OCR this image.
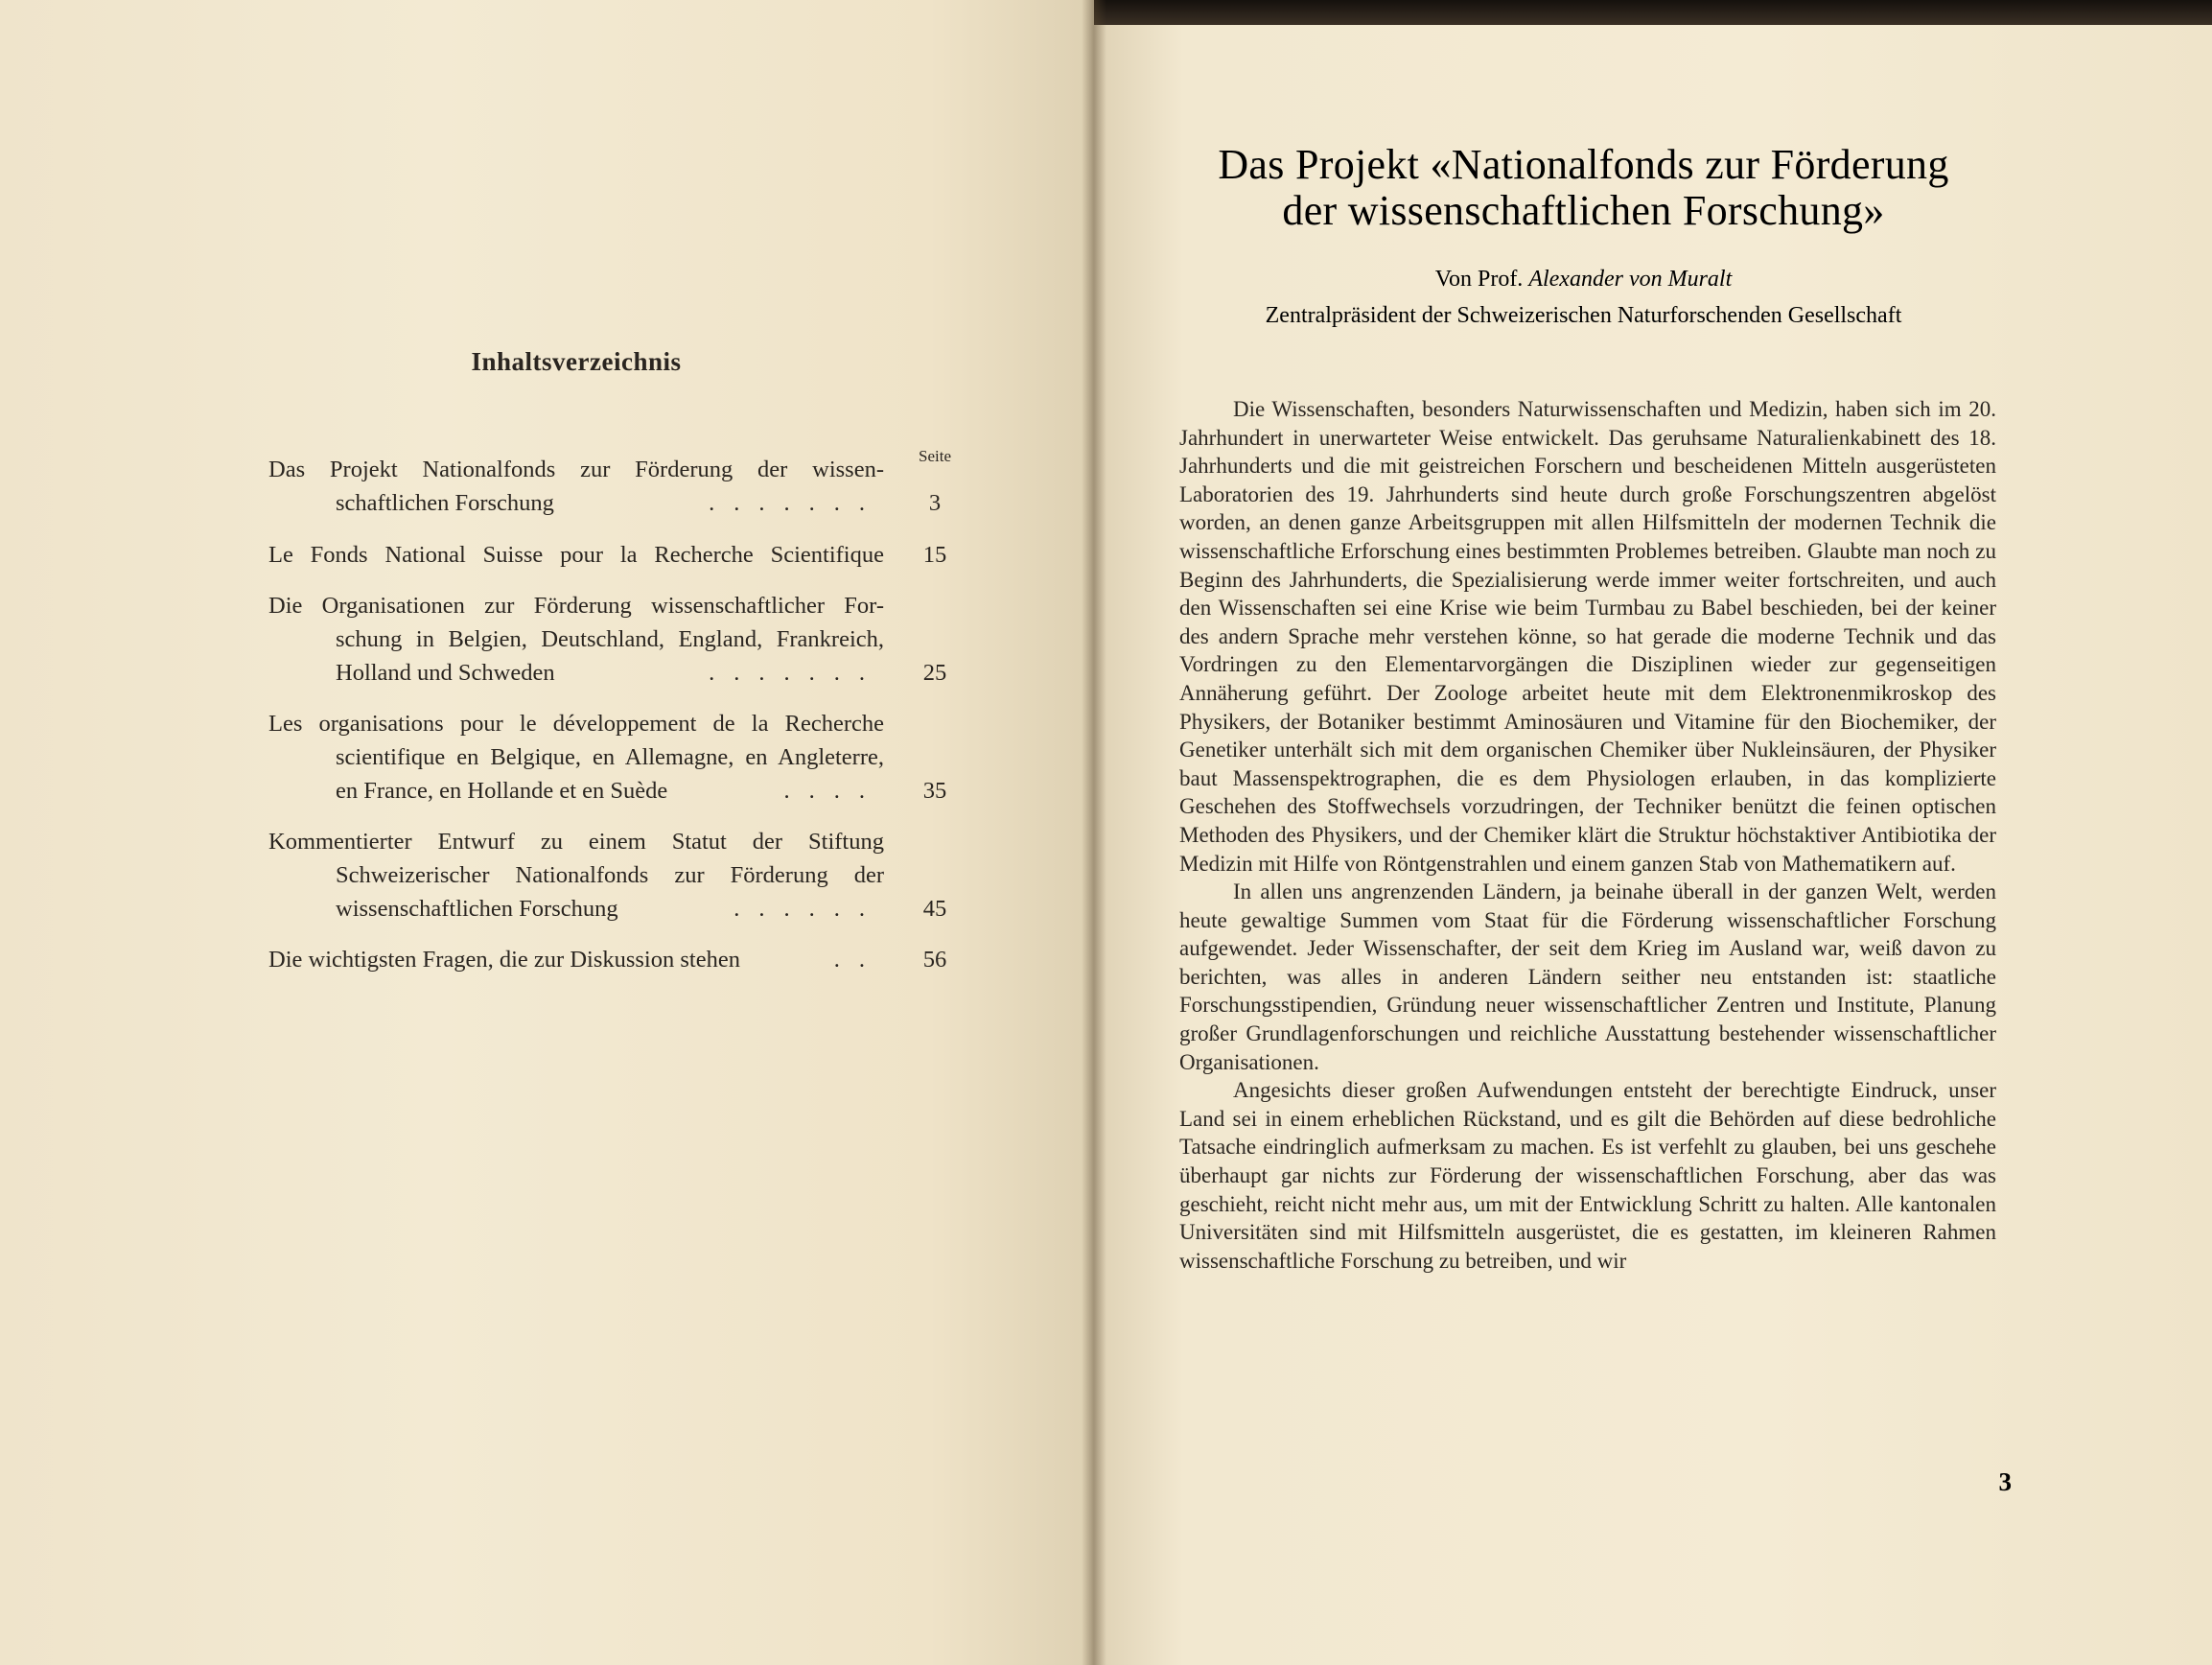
Inhaltsverzeichnis
Seite
Das Projekt Nationalfonds zur Förderung der wissen-
schaftlichen Forschung	.......	3
Le Fonds National Suisse pour la Recherche Scientifique	15
Die Organisationen zur Förderung wissenschaftlicher For-
schung in Belgien, Deutschland, England, Frankreich,
Holland und Schweden	.......	25
Les organisations pour le développement de la Recherche
scientifique en Belgique, en Allemagne, en Angleterre,
en France, en Hollande et en Suède	....	35
Kommentierter Entwurf zu einem Statut der Stiftung
Schweizerischer Nationalfonds zur Förderung der
wissenschaftlichen Forschung	......	45
Die wichtigsten Fragen, die zur Diskussion stehen	..	56
Das Projekt «Nationalfonds zur Förderung
der wissenschaftlichen Forschung»
Von Prof. Alexander von Muralt
Zentralpräsident der Schweizerischen Naturforschenden Gesellschaft

Die Wissenschaften, besonders Naturwissenschaften und Medizin, haben sich im 20. Jahrhundert in unerwarteter Weise entwickelt. Das geruhsame Naturalienkabinett des 18. Jahrhunderts und die mit geistreichen Forschern und bescheidenen Mitteln ausgerüsteten Laboratorien des 19. Jahrhunderts sind heute durch große Forschungszentren abgelöst worden, an denen ganze Arbeitsgruppen mit allen Hilfsmitteln der modernen Technik die wissenschaftliche Erforschung eines bestimmten Problemes betreiben. Glaubte man noch zu Beginn des Jahrhunderts, die Spezialisierung werde immer weiter fortschreiten, und auch den Wissenschaften sei eine Krise wie beim Turmbau zu Babel beschieden, bei der keiner des andern Sprache mehr verstehen könne, so hat gerade die moderne Technik und das Vordringen zu den Elementarvorgängen die Disziplinen wieder zur gegenseitigen Annäherung geführt. Der Zoologe arbeitet heute mit dem Elektronenmikroskop des Physikers, der Botaniker bestimmt Aminosäuren und Vitamine für den Biochemiker, der Genetiker unterhält sich mit dem organischen Chemiker über Nukleinsäuren, der Physiker baut Massenspektrographen, die es dem Physiologen erlauben, in das komplizierte Geschehen des Stoffwechsels vorzudringen, der Techniker benützt die feinen optischen Methoden des Physikers, und der Chemiker klärt die Struktur höchstaktiver Antibiotika der Medizin mit Hilfe von Röntgenstrahlen und einem ganzen Stab von Mathematikern auf.

In allen uns angrenzenden Ländern, ja beinahe überall in der ganzen Welt, werden heute gewaltige Summen vom Staat für die Förderung wissenschaftlicher Forschung aufgewendet. Jeder Wissenschafter, der seit dem Krieg im Ausland war, weiß davon zu berichten, was alles in anderen Ländern seither neu entstanden ist: staatliche Forschungsstipendien, Gründung neuer wissenschaftlicher Zentren und Institute, Planung großer Grundlagenforschungen und reichliche Ausstattung bestehender wissenschaftlicher Organisationen.

Angesichts dieser großen Aufwendungen entsteht der berechtigte Eindruck, unser Land sei in einem erheblichen Rückstand, und es gilt die Behörden auf diese bedrohliche Tatsache eindringlich aufmerksam zu machen. Es ist verfehlt zu glauben, bei uns geschehe überhaupt gar nichts zur Förderung der wissenschaftlichen Forschung, aber das was geschieht, reicht nicht mehr aus, um mit der Entwicklung Schritt zu halten. Alle kantonalen Universitäten sind mit Hilfsmitteln ausgerüstet, die es gestatten, im kleineren Rahmen wissenschaftliche Forschung zu betreiben, und wir

3
